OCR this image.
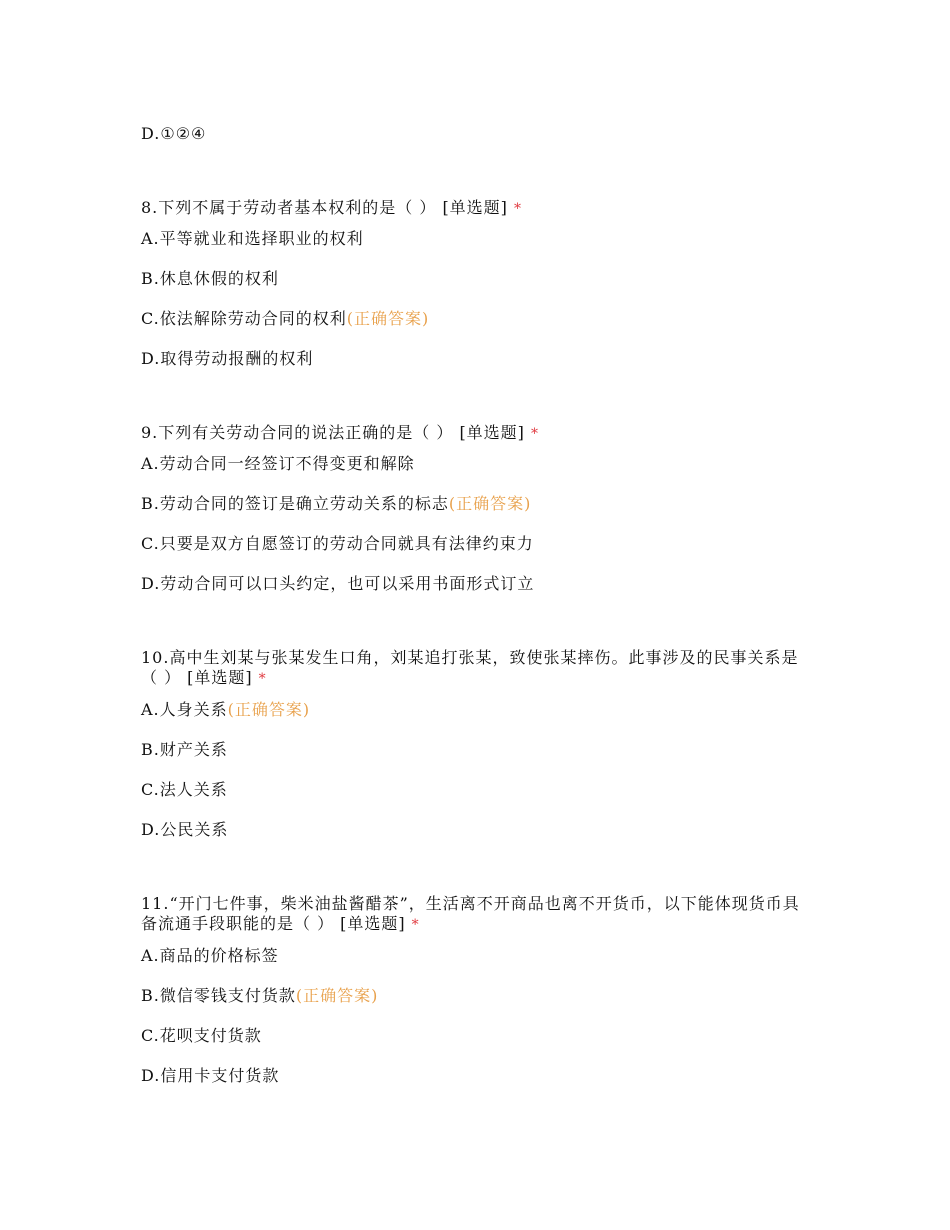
D.①②④
8.下列不属于劳动者基本权利的是（ ） [单选题] *
A.平等就业和选择职业的权利
B.休息休假的权利
C.依法解除劳动合同的权利(正确答案)
D.取得劳动报酬的权利
9.下列有关劳动合同的说法正确的是（ ） [单选题] *
A.劳动合同一经签订不得变更和解除
B.劳动合同的签订是确立劳动关系的标志(正确答案)
C.只要是双方自愿签订的劳动合同就具有法律约束力
D.劳动合同可以口头约定，也可以采用书面形式订立
10.高中生刘某与张某发生口角，刘某追打张某，致使张某摔伤。此事涉及的民事关系是（ ） [单选题] *
A.人身关系(正确答案)
B.财产关系
C.法人关系
D.公民关系
11.“开门七件事，柴米油盐酱醋茶”，生活离不开商品也离不开货币，以下能体现货币具备流通手段职能的是（ ） [单选题] *
A.商品的价格标签
B.微信零钱支付货款(正确答案)
C.花呗支付货款
D.信用卡支付货款
